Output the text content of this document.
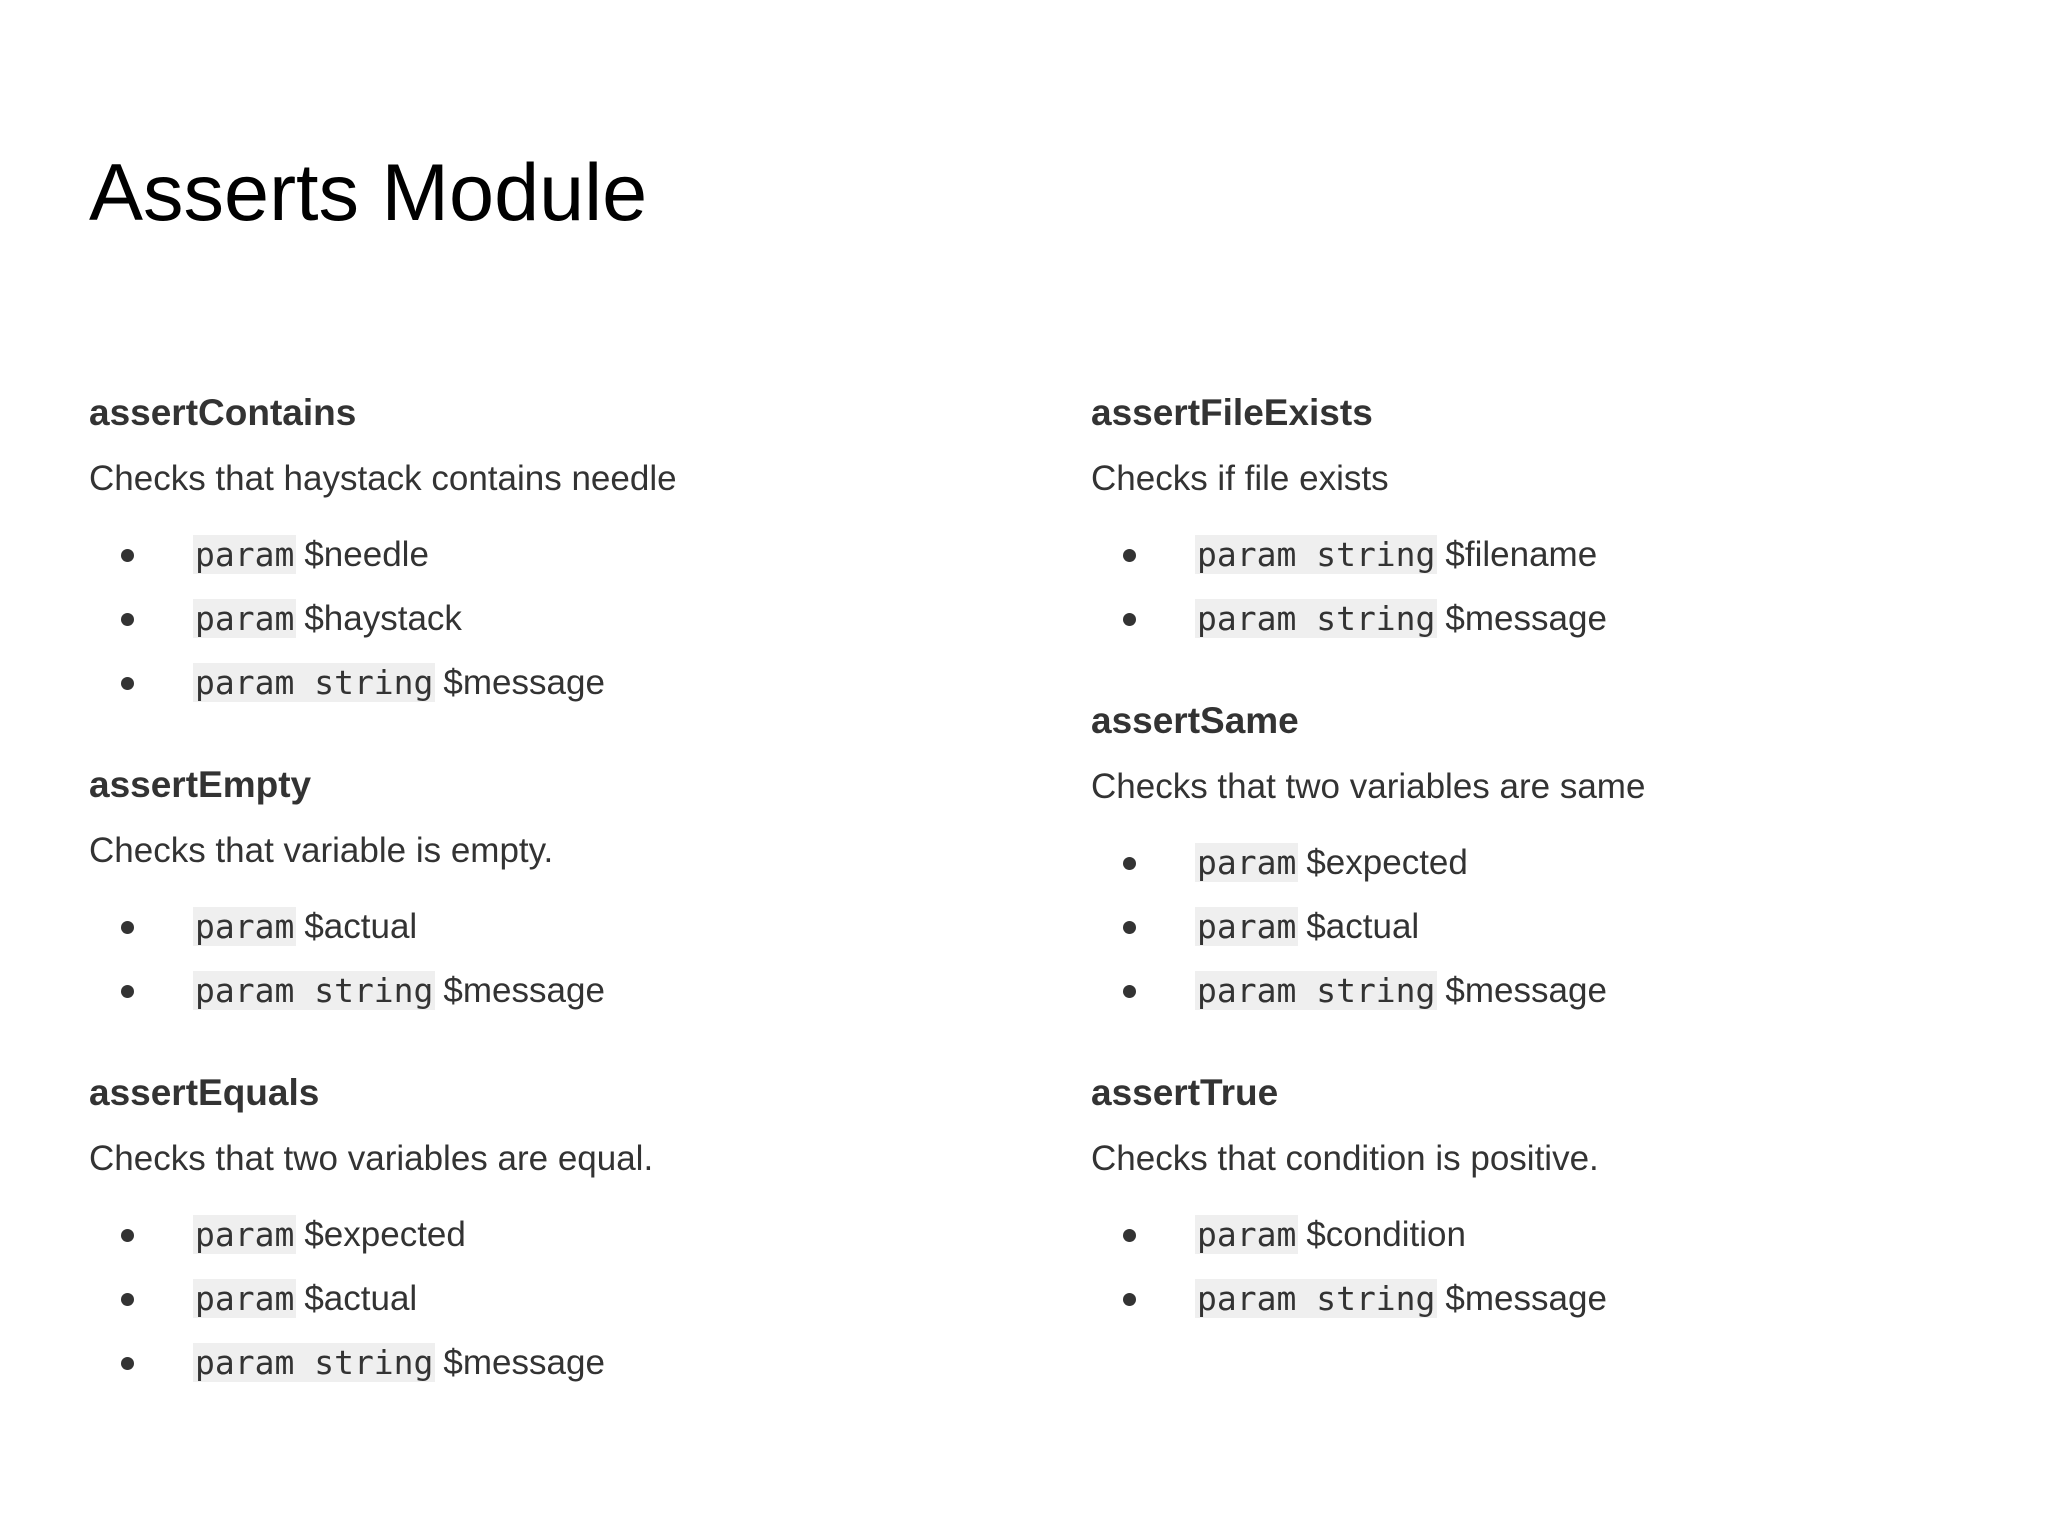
Asserts Module
assertContains

Checks that haystack contains needle

param $needle
param $haystack
param string $message
assertEmpty

Checks that variable is empty.

param $actual
param string $message
assertEquals

Checks that two variables are equal.

param $expected
param $actual
param string $message
assertFileExists

Checks if file exists

param string $filename
param string $message
assertSame

Checks that two variables are same

param $expected
param $actual
param string $message
assertTrue

Checks that condition is positive.

param $condition
param string $message
